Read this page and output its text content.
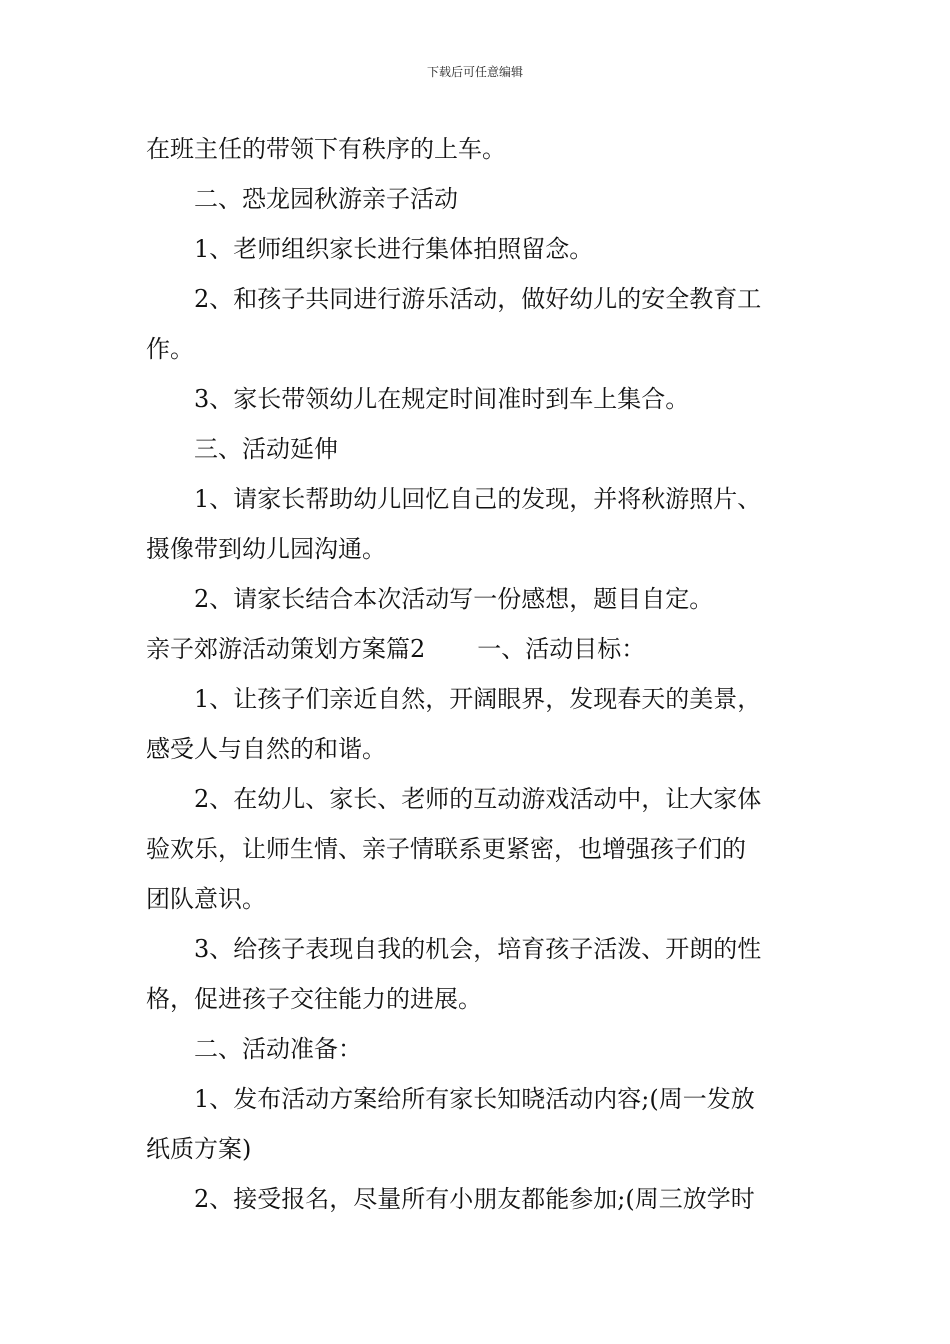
下载后可任意编辑
在班主任的带领下有秩序的上车。
二、恐龙园秋游亲子活动
1、老师组织家长进行集体拍照留念。
2、和孩子共同进行游乐活动，做好幼儿的安全教育工
作。
3、家长带领幼儿在规定时间准时到车上集合。
三、活动延伸
1、请家长帮助幼儿回忆自己的发现，并将秋游照片、
摄像带到幼儿园沟通。
2、请家长结合本次活动写一份感想，题目自定。
亲子郊游活动策划方案篇2 一、活动目标：
1、让孩子们亲近自然，开阔眼界，发现春天的美景，
感受人与自然的和谐。
2、在幼儿、家长、老师的互动游戏活动中，让大家体
验欢乐，让师生情、亲子情联系更紧密，也增强孩子们的
团队意识。
3、给孩子表现自我的机会，培育孩子活泼、开朗的性
格，促进孩子交往能力的进展。
二、活动准备：
1、发布活动方案给所有家长知晓活动内容;(周一发放
纸质方案)
2、接受报名，尽量所有小朋友都能参加;(周三放学时
